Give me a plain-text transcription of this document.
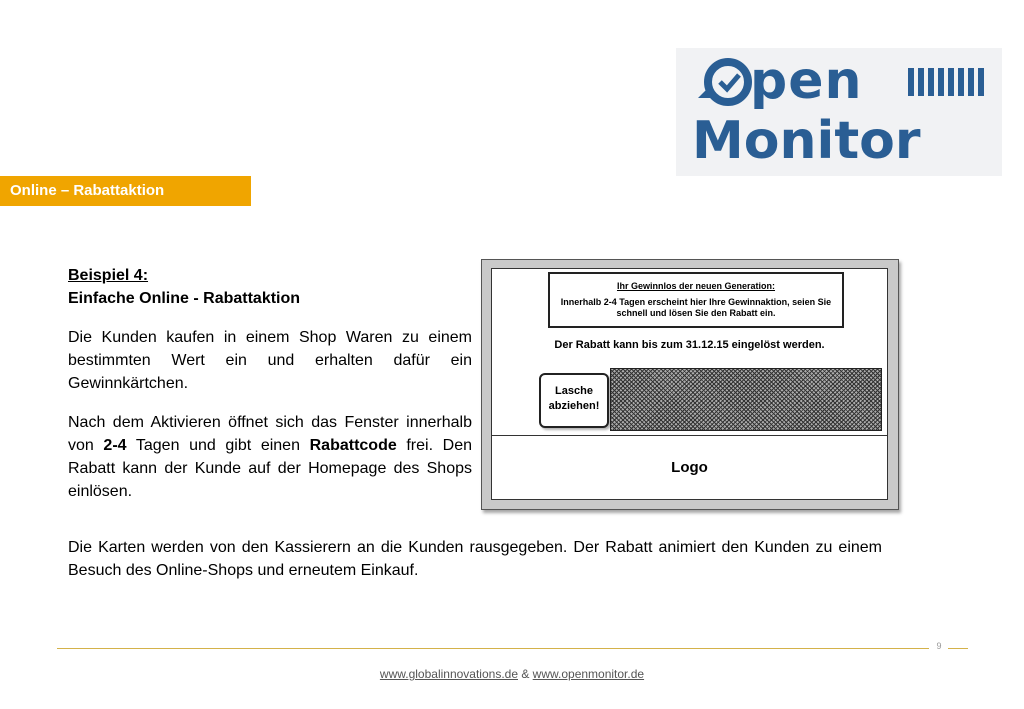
pen
Monitor
Online – Rabattaktion

Beispiel 4:

Einfache Online - Rabattaktion

Die Kunden kaufen in einem Shop Waren zu einem bestimmten Wert ein und erhalten dafür ein Gewinnkärtchen.

Nach dem Aktivieren öffnet sich das Fenster innerhalb von 2-4 Tagen und gibt einen Rabattcode frei. Den Rabatt kann der Kunde auf der Homepage des Shops einlösen.

Ihr Gewinnlos der neuen Generation:
Innerhalb 2-4 Tagen erscheint hier Ihre Gewinnaktion, seien Sie schnell und lösen Sie den Rabatt ein.
Der Rabatt kann bis zum 31.12.15 eingelöst werden.
Lasche
abziehen!
Logo

Die Karten werden von den Kassierern an die Kunden rausgegeben. Der Rabatt animiert den Kunden zu einem Besuch des Online-Shops und erneutem Einkauf.

9
www.globalinnovations.de & www.openmonitor.de
